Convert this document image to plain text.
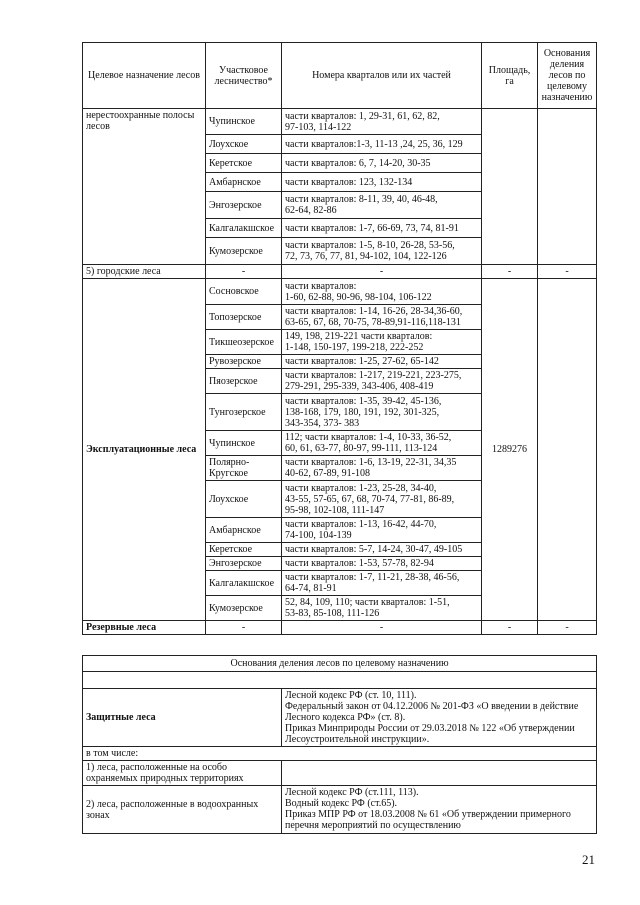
Целевое назначение лесов	Участковое лесничество*	Номера кварталов или их частей	Площадь, га	Основания деления лесов по целевому назначению
нерестоохранные полосы лесов	Чупинское	части кварталов: 1, 29-31, 61, 62, 82,
97-103, 114-122		
	Лоухское	части кварталов:1-3, 11-13 ,24, 25, 36, 129		
	Керетское	части кварталов: 6, 7, 14-20, 30-35		
	Амбарнское	части кварталов: 123, 132-134		
	Энгозерское	части кварталов: 8-11, 39, 40, 46-48,
62-64, 82-86		
	Калгалакшское	части кварталов: 1-7, 66-69, 73, 74, 81-91		
	Кумозерское	части кварталов: 1-5, 8-10, 26-28, 53-56,
72, 73, 76, 77, 81, 94-102, 104, 122-126		
5) городские леса	-	-	-	-
Эксплуатационные леса	Сосновское	части кварталов:
1-60, 62-88, 90-96, 98-104, 106-122	1289276	
	Топозерское	части кварталов: 1-14, 16-26, 28-34,36-60,
63-65, 67, 68, 70-75, 78-89,91-116,118-131		
	Тикшеозерское	149, 198, 219-221 части кварталов:
1-148, 150-197, 199-218, 222-252		
	Рувозерское	части кварталов: 1-25, 27-62, 65-142		
	Пяозерское	части кварталов: 1-217, 219-221, 223-275,
279-291, 295-339, 343-406, 408-419		
	Тунгозерское	части кварталов: 1-35, 39-42, 45-136,
138-168, 179, 180, 191, 192, 301-325,
343-354, 373- 383		
	Чупинское	112; части кварталов: 1-4, 10-33, 36-52,
60, 61, 63-77, 80-97, 99-111, 113-124		
	Полярно-
Кругское	части кварталов: 1-6, 13-19, 22-31, 34,35
40-62, 67-89, 91-108		
	Лоухское	части кварталов: 1-23, 25-28, 34-40,
43-55, 57-65, 67, 68, 70-74, 77-81, 86-89,
95-98, 102-108, 111-147		
	Амбарнское	части кварталов: 1-13, 16-42, 44-70,
74-100, 104-139		
	Керетское	части кварталов: 5-7, 14-24, 30-47, 49-105		
	Энгозерское	части кварталов: 1-53, 57-78, 82-94		
	Калгалакшское	части кварталов: 1-7, 11-21, 28-38, 46-56,
64-74, 81-91		
	Кумозерское	52, 84, 109, 110; части кварталов: 1-51,
53-83, 85-108, 111-126		
Резервные леса	-	-	-	-
Основания деления лесов по целевому назначению	

Защитные леса	Лесной кодекс РФ (ст. 10, 111).
Федеральный закон от 04.12.2006 № 201-ФЗ «О введении в действие Лесного кодекса РФ» (ст. 8).
Приказ Минприроды России от 29.03.2018 № 122 «Об утверждении Лесоустроительной инструкции».
в том числе:	
1) леса, расположенные на особо охраняемых природных территориях	
2) леса, расположенные в водоохранных зонах	Лесной кодекс РФ (ст.111, 113).
Водный кодекс РФ (ст.65).
Приказ МПР РФ от 18.03.2008 № 61 «Об утверждении примерного перечня мероприятий по осуществлению
21
